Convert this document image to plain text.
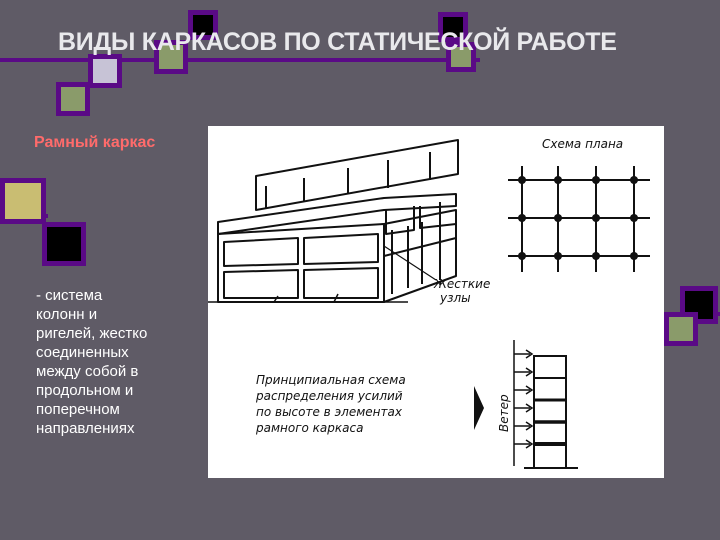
ВИДЫ КАРКАСОВ ПО СТАТИЧЕСКОЙ РАБОТЕ
Рамный каркас
- система
колонн и
ригелей, жестко
соединенных
между собой в
продольном и
поперечном
направлениях
Схема плана
Жесткие
узлы
Принципиальная схема
распределения усилий
по высоте в элементах
рамного каркаса	Ветер
